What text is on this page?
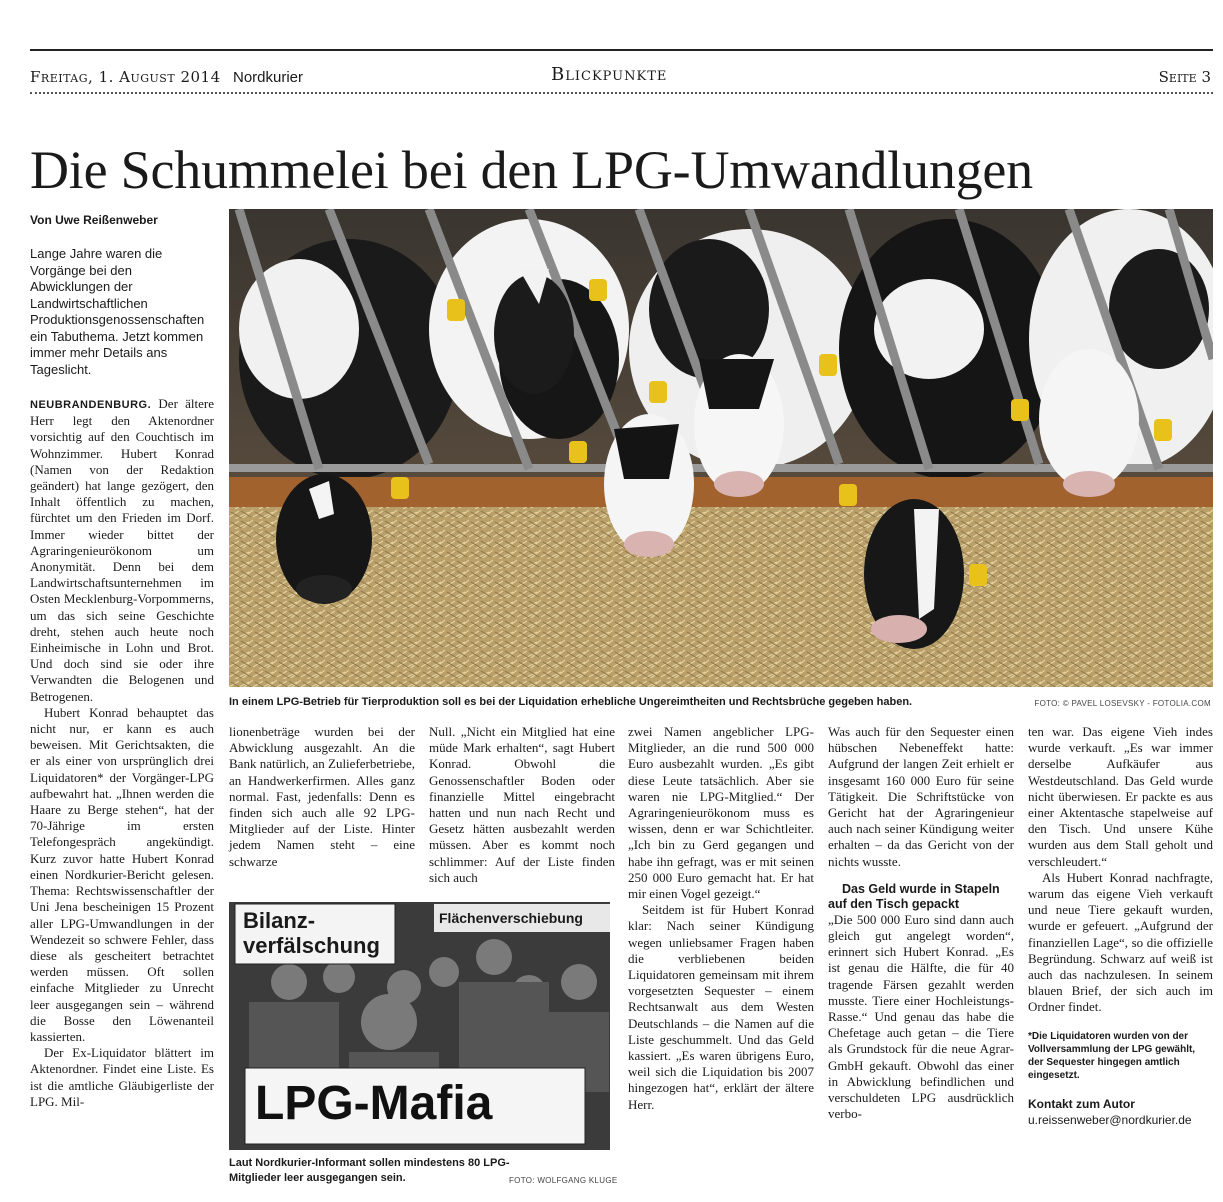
Freitag, 1. August 2014 Nordkurier	Blickpunkte	Seite 3
Die Schummelei bei den LPG-Umwandlungen
Von Uwe Reißenweber
Lange Jahre waren die Vorgänge bei den Abwicklungen der Landwirtschaftlichen Produktionsgenossenschaften ein Tabuthema. Jetzt kommen immer mehr Details ans Tageslicht.

NEUBRANDENBURG. Der ältere Herr legt den Aktenordner vorsichtig auf den Couchtisch im Wohnzimmer. Hubert Konrad (Namen von der Redaktion geändert) hat lange gezögert, den Inhalt öffentlich zu machen, fürchtet um den Frieden im Dorf. Immer wieder bittet der Agraringenieurökonom um Anonymität. Denn bei dem Landwirtschaftsunternehmen im Osten Mecklenburg-Vorpommerns, um das sich seine Geschichte dreht, stehen auch heute noch Einheimische in Lohn und Brot. Und doch sind sie oder ihre Verwandten die Belogenen und Betrogenen.

Hubert Konrad behauptet das nicht nur, er kann es auch beweisen. Mit Gerichtsakten, die er als einer von ursprünglich drei Liquidatoren* der Vorgänger-LPG aufbewahrt hat. „Ihnen werden die Haare zu Berge stehen“, hat der 70-Jährige im ersten Telefongespräch angekündigt. Kurz zuvor hatte Hubert Konrad einen Nordkurier-Bericht gelesen. Thema: Rechtswissenschaftler der Uni Jena bescheinigen 15 Prozent aller LPG-Umwandlungen in der Wendezeit so schwere Fehler, dass diese als gescheitert betrachtet werden müssen. Oft sollen einfache Mitglieder zu Unrecht leer ausgegangen sein – während die Bosse den Löwenanteil kassierten.

Der Ex-Liquidator blättert im Aktenordner. Findet eine Liste. Es ist die amtliche Gläubigerliste der LPG. Mil-

In einem LPG-Betrieb für Tierproduktion soll es bei der Liquidation erhebliche Ungereimtheiten und Rechtsbrüche gegeben haben.	FOTO: © PAVEL LOSEVSKY - FOTOLIA.COM

lionenbeträge wurden bei der Abwicklung ausgezahlt. An die Bank natürlich, an Zulieferbetriebe, an Handwerkerfirmen. Alles ganz normal. Fast, jedenfalls: Denn es finden sich auch alle 92 LPG-Mitglieder auf der Liste. Hinter jedem Namen steht – eine schwarze

Null. „Nicht ein Mitglied hat eine müde Mark erhalten“, sagt Hubert Konrad. Obwohl die Genossenschaftler Boden oder finanzielle Mittel eingebracht hatten und nun nach Recht und Gesetz hätten ausbezahlt werden müssen. Aber es kommt noch schlimmer: Auf der Liste finden sich auch

Bilanz-
verfälschung
Flächenverschiebung
LPG-Mafia
Laut Nordkurier-Informant sollen mindestens 80 LPG-Mitglieder leer ausgegangen sein.	FOTO: WOLFGANG KLUGE

zwei Namen angeblicher LPG-Mitglieder, an die rund 500 000 Euro ausbezahlt wurden. „Es gibt diese Leute tatsächlich. Aber sie waren nie LPG-Mitglied.“ Der Agraringenieurökonom muss es wissen, denn er war Schichtleiter. „Ich bin zu Gerd gegangen und habe ihn gefragt, was er mit seinen 250 000 Euro gemacht hat. Er hat mir einen Vogel gezeigt.“

Seitdem ist für Hubert Konrad klar: Nach seiner Kündigung wegen unliebsamer Fragen haben die verbliebenen beiden Liquidatoren gemeinsam mit ihrem vorgesetzten Sequester – einem Rechtsanwalt aus dem Westen Deutschlands – die Namen auf die Liste geschummelt. Und das Geld kassiert. „Es waren übrigens Euro, weil sich die Liquidation bis 2007 hingezogen hat“, erklärt der ältere Herr.

Was auch für den Sequester einen hübschen Nebeneffekt hatte: Aufgrund der langen Zeit erhielt er insgesamt 160 000 Euro für seine Tätigkeit. Die Schriftstücke von Gericht hat der Agraringenieur auch nach seiner Kündigung weiter erhalten – da das Gericht von der nichts wusste.

Das Geld wurde in Stapeln auf den Tisch gepackt

„Die 500 000 Euro sind dann auch gleich gut angelegt worden“, erinnert sich Hubert Konrad. „Es ist genau die Hälfte, die für 40 tragende Färsen gezahlt werden musste. Tiere einer Hochleistungs-Rasse.“ Und genau das habe die Chefetage auch getan – die Tiere als Grundstock für die neue Agrar-GmbH gekauft. Obwohl das einer in Abwicklung befindlichen und verschuldeten LPG ausdrücklich verbo-

ten war. Das eigene Vieh indes wurde verkauft. „Es war immer derselbe Aufkäufer aus Westdeutschland. Das Geld wurde nicht überwiesen. Er packte es aus einer Aktentasche stapelweise auf den Tisch. Und unsere Kühe wurden aus dem Stall geholt und verschleudert.“

Als Hubert Konrad nachfragte, warum das eigene Vieh verkauft und neue Tiere gekauft wurden, wurde er gefeuert. „Aufgrund der finanziellen Lage“, so die offizielle Begründung. Schwarz auf weiß ist auch das nachzulesen. In seinem blauen Brief, der sich auch im Ordner findet.

*Die Liquidatoren wurden von der Vollversammlung der LPG gewählt, der Sequester hingegen amtlich eingesetzt.

Kontakt zum Autor

u.reissenweber@nordkurier.de
